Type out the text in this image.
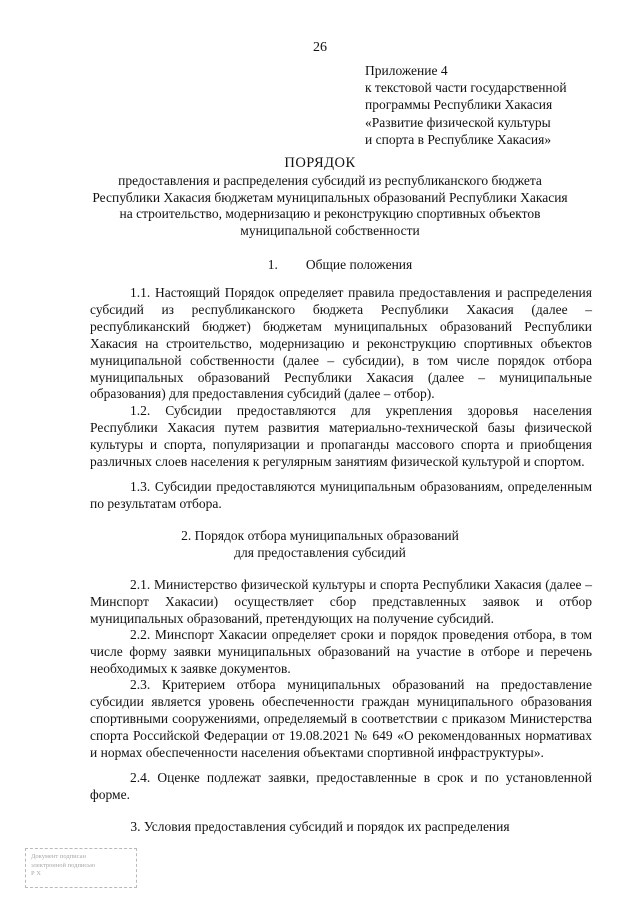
26
Приложение 4
к текстовой части государственной
программы Республики Хакасия
«Развитие физической культуры
и спорта в Республике Хакасия»
ПОРЯДОК
предоставления и распределения субсидий из республиканского бюджета
Республики Хакасия бюджетам муниципальных образований Республики Хакасия
на строительство, модернизацию и реконструкцию спортивных объектов
муниципальной собственности
1. Общие положения

1.1. Настоящий Порядок определяет правила предоставления и распределения субсидий из республиканского бюджета Республики Хакасия (далее – республиканский бюджет) бюджетам муниципальных образований Республики Хакасия на строительство, модернизацию и реконструкцию спортивных объектов муниципальной собственности (далее – субсидии), в том числе порядок отбора муниципальных образований Республики Хакасия (далее – муниципальные образования) для предоставления субсидий (далее – отбор).

1.2. Субсидии предоставляются для укрепления здоровья населения Республики Хакасия путем развития материально-технической базы физической культуры и спорта, популяризации и пропаганды массового спорта и приобщения различных слоев населения к регулярным занятиям физической культурой и спортом.

1.3. Субсидии предоставляются муниципальным образованиям, определенным по результатам отбора.

2. Порядок отбора муниципальных образований
для предоставления субсидий

2.1. Министерство физической культуры и спорта Республики Хакасия (далее – Минспорт Хакасии) осуществляет сбор представленных заявок и отбор муниципальных образований, претендующих на получение субсидий.

2.2. Минспорт Хакасии определяет сроки и порядок проведения отбора, в том числе форму заявки муниципальных образований на участие в отборе и перечень необходимых к заявке документов.

2.3. Критерием отбора муниципальных образований на предоставление субсидии является уровень обеспеченности граждан муниципального образования спортивными сооружениями, определяемый в соответствии с приказом Министерства спорта Российской Федерации от 19.08.2021 № 649 «О рекомендованных нормативах и нормах обеспеченности населения объектами спортивной инфраструктуры».

2.4. Оценке подлежат заявки, предоставленные в срок и по установленной форме.

3. Условия предоставления субсидий и порядок их распределения
Документ подписан
электронной подписью
Р Х
